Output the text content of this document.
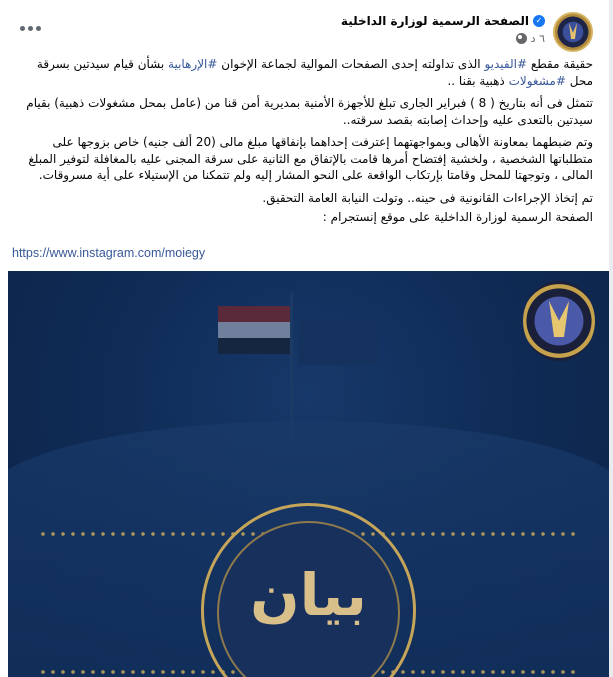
الصفحة الرسمية لوزارة الداخلية ✓
٦ د

حقيقة مقطع #الفيديو الذى تداولته إحدى الصفحات الموالية لجماعة الإخوان #الإرهابية بشأن قيام سيدتين بسرقة محل #مشغولات ذهبية بقنا ..

تتمثل فى أنه بتاريخ ( 8 ) فبراير الجارى تبلغ للأجهزة الأمنية بمديرية أمن قنا من (عامل بمحل مشغولات ذهبية) بقيام سيدتين بالتعدى عليه وإحداث إصابته بقصد سرقته..

وتم ضبطهما بمعاونة الأهالى وبمواجهتهما إعترفت إحداهما بإنفاقها مبلغ مالى (20 ألف جنيه) خاص بزوجها على متطلباتها الشخصية ، ولخشية إفتضاح أمرها قامت بالإتفاق مع الثانية على سرقة المجنى عليه بالمغافلة لتوفير المبلغ المالى ، وتوجهتا للمحل وقامتا بإرتكاب الواقعة على النحو المشار إليه ولم تتمكنا من الإستيلاء على أية مسروقات.

تم إتخاذ الإجراءات القانونية فى حينه.. وتولت النيابة العامة التحقيق.

الصفحة الرسمية لوزارة الداخلية على موقع إنستجرام :

https://www.instagram.com/moiegy
بيان
